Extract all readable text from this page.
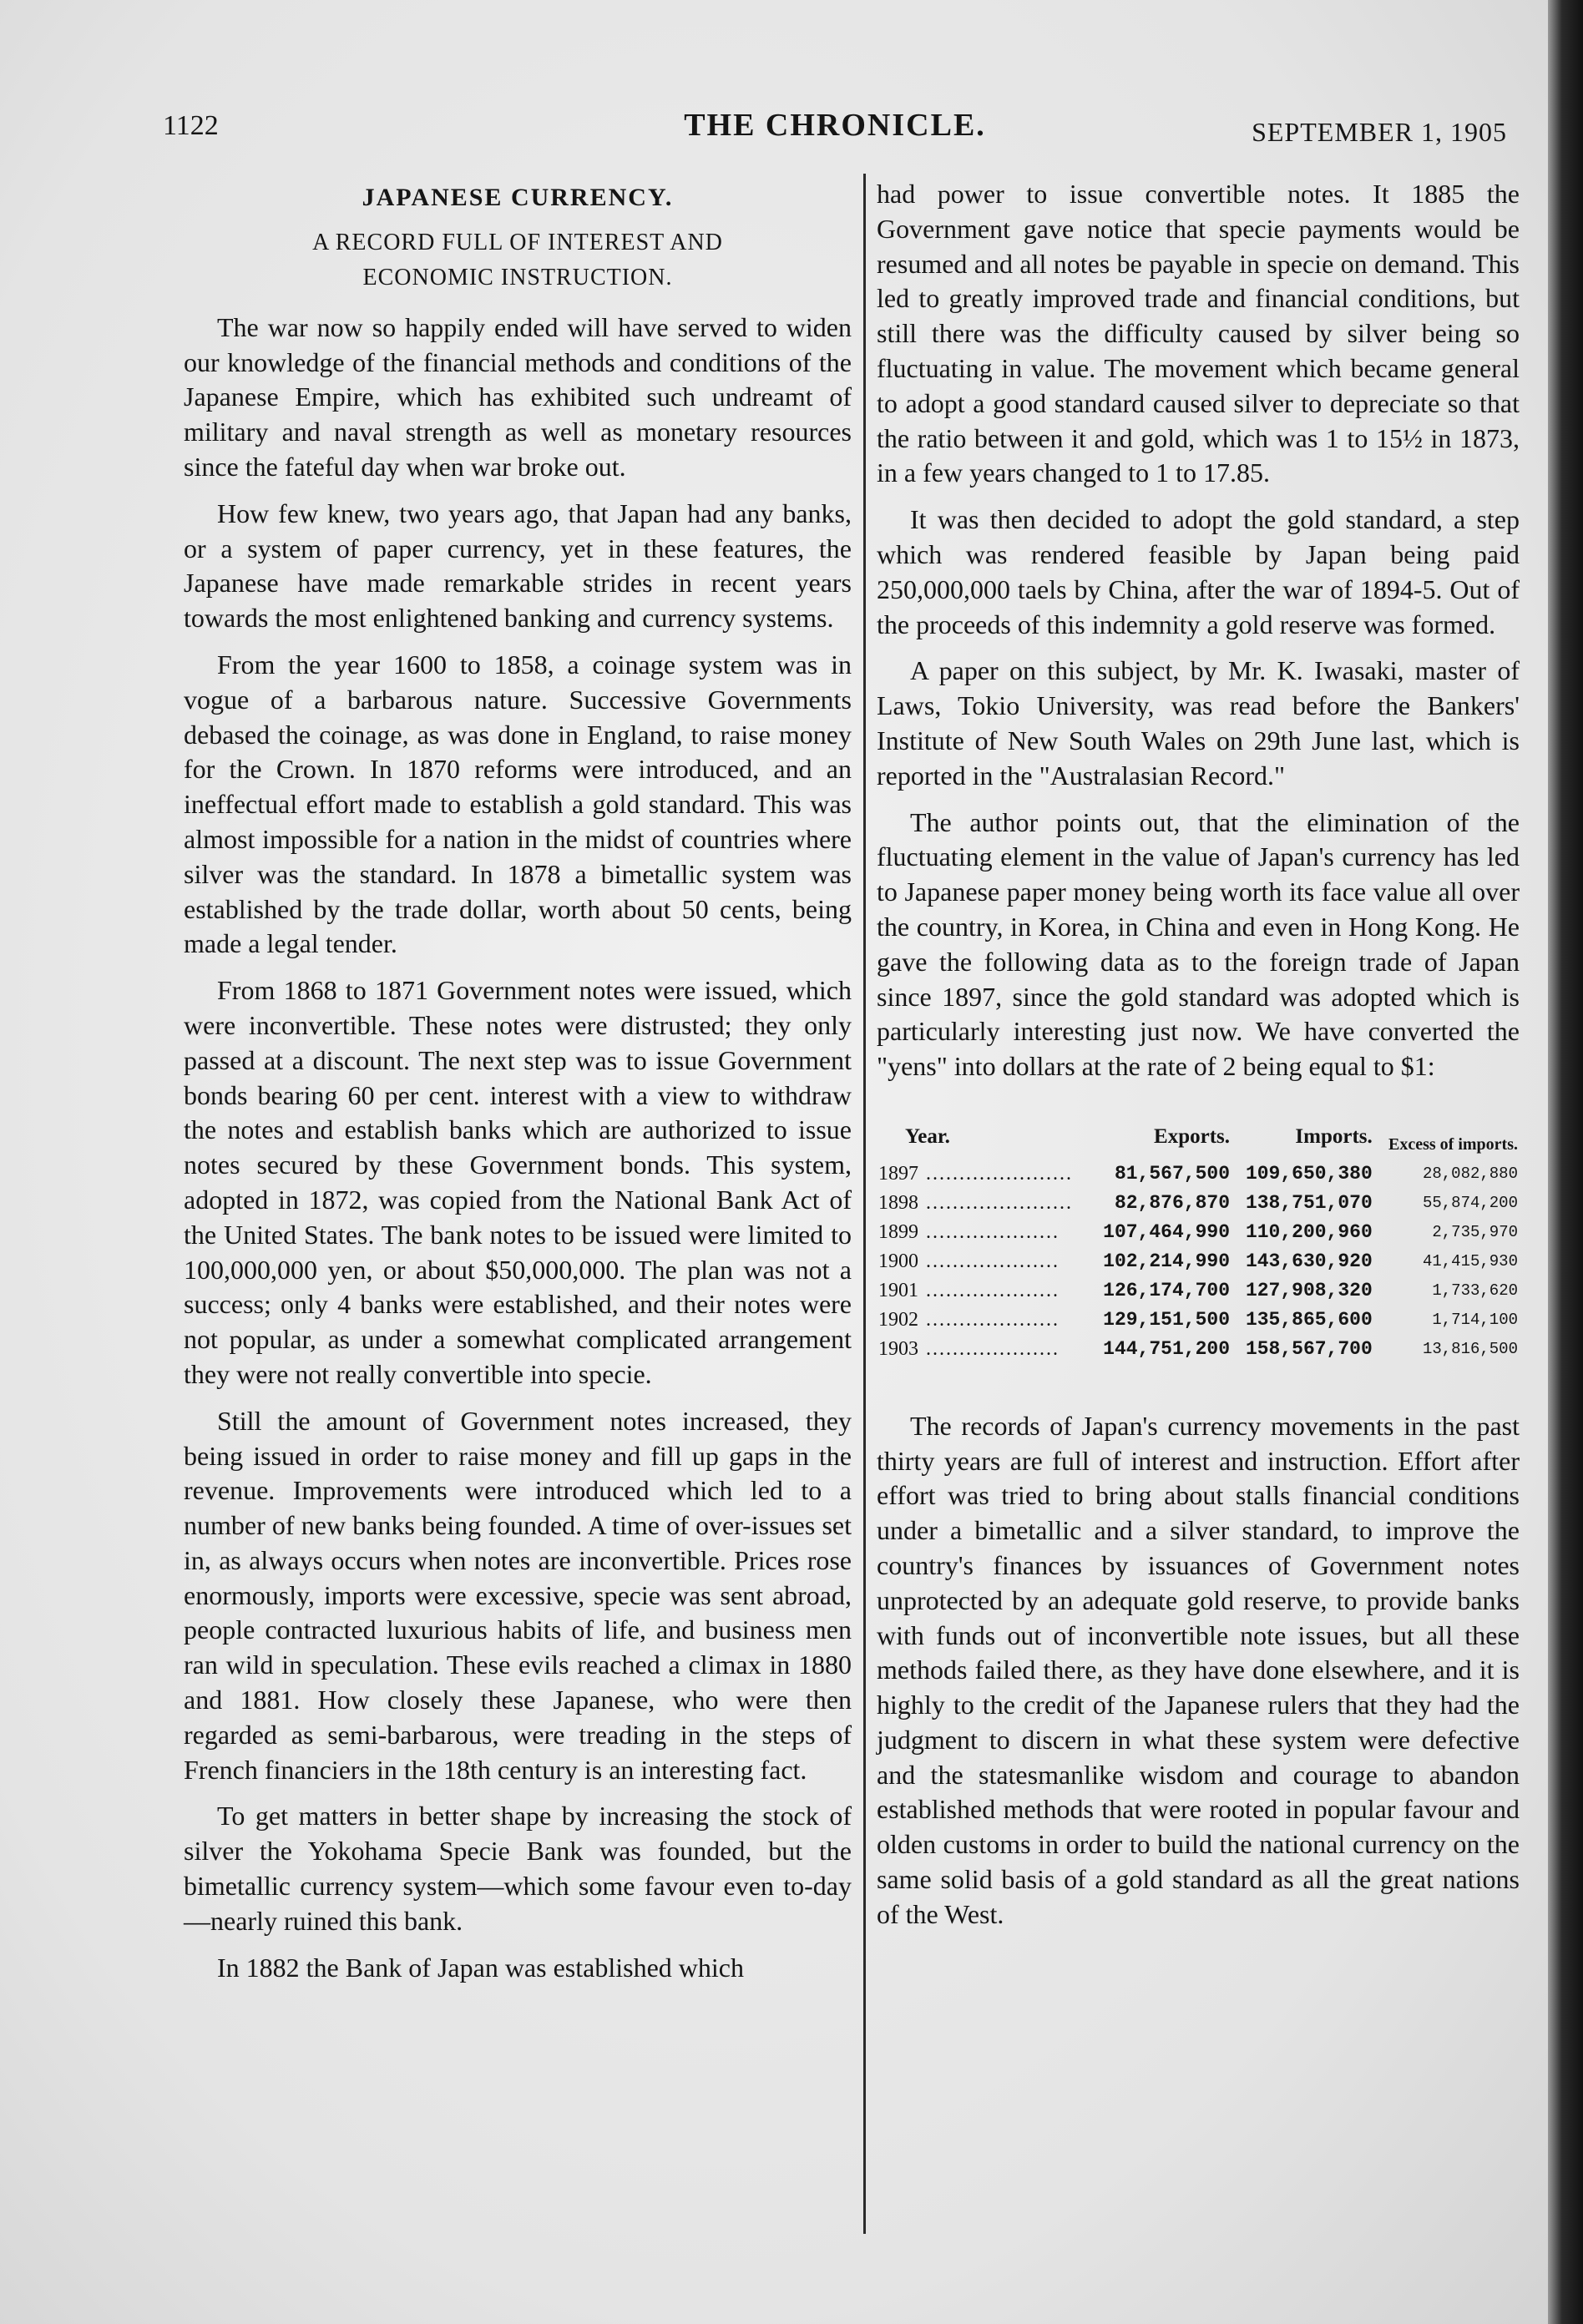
1122	THE CHRONICLE.	SEPTEMBER 1, 1905
JAPANESE CURRENCY.
A RECORD FULL OF INTEREST AND ECONOMIC INSTRUCTION.

The war now so happily ended will have served to widen our knowledge of the financial methods and conditions of the Japanese Empire, which has exhibited such undreamt of military and naval strength as well as monetary resources since the fateful day when war broke out.

How few knew, two years ago, that Japan had any banks, or a system of paper currency, yet in these features, the Japanese have made remarkable strides in recent years towards the most enlightened banking and currency systems.

From the year 1600 to 1858, a coinage system was in vogue of a barbarous nature. Successive Governments debased the coinage, as was done in England, to raise money for the Crown. In 1870 reforms were introduced, and an ineffectual effort made to establish a gold standard. This was almost impossible for a nation in the midst of countries where silver was the standard. In 1878 a bimetallic system was established by the trade dollar, worth about 50 cents, being made a legal tender.

From 1868 to 1871 Government notes were issued, which were inconvertible. These notes were distrusted; they only passed at a discount. The next step was to issue Government bonds bearing 60 per cent. interest with a view to withdraw the notes and establish banks which are authorized to issue notes secured by these Government bonds. This system, adopted in 1872, was copied from the National Bank Act of the United States. The bank notes to be issued were limited to 100,000,000 yen, or about $50,000,000. The plan was not a success; only 4 banks were established, and their notes were not popular, as under a somewhat complicated arrangement they were not really convertible into specie.

Still the amount of Government notes increased, they being issued in order to raise money and fill up gaps in the revenue. Improvements were introduced which led to a number of new banks being founded. A time of over-issues set in, as always occurs when notes are inconvertible. Prices rose enormously, imports were excessive, specie was sent abroad, people contracted luxurious habits of life, and business men ran wild in speculation. These evils reached a climax in 1880 and 1881. How closely these Japanese, who were then regarded as semi-barbarous, were treading in the steps of French financiers in the 18th century is an interesting fact.

To get matters in better shape by increasing the stock of silver the Yokohama Specie Bank was founded, but the bimetallic currency system—which some favour even to-day—nearly ruined this bank.

In 1882 the Bank of Japan was established which

had power to issue convertible notes. It 1885 the Government gave notice that specie payments would be resumed and all notes be payable in specie on demand. This led to greatly improved trade and financial conditions, but still there was the difficulty caused by silver being so fluctuating in value. The movement which became general to adopt a good standard caused silver to depreciate so that the ratio between it and gold, which was 1 to 15½ in 1873, in a few years changed to 1 to 17.85.

It was then decided to adopt the gold standard, a step which was rendered feasible by Japan being paid 250,000,000 taels by China, after the war of 1894-5. Out of the proceeds of this indemnity a gold reserve was formed.

A paper on this subject, by Mr. K. Iwasaki, master of Laws, Tokio University, was read before the Bankers' Institute of New South Wales on 29th June last, which is reported in the "Australasian Record."

The author points out, that the elimination of the fluctuating element in the value of Japan's currency has led to Japanese paper money being worth its face value all over the country, in Korea, in China and even in Hong Kong. He gave the following data as to the foreign trade of Japan since 1897, since the gold standard was adopted which is particularly interesting just now. We have converted the "yens" into dollars at the rate of 2 being equal to $1:

Year.		Exports.	Imports.	Excess of imports.
1897	......................	81,567,500	109,650,380	28,082,880
1898	......................	82,876,870	138,751,070	55,874,200
1899	....................	107,464,990	110,200,960	2,735,970
1900	....................	102,214,990	143,630,920	41,415,930
1901	....................	126,174,700	127,908,320	1,733,620
1902	....................	129,151,500	135,865,600	1,714,100
1903	....................	144,751,200	158,567,700	13,816,500

The records of Japan's currency movements in the past thirty years are full of interest and instruction. Effort after effort was tried to bring about stalls financial conditions under a bimetallic and a silver standard, to improve the country's finances by issuances of Government notes unprotected by an adequate gold reserve, to provide banks with funds out of inconvertible note issues, but all these methods failed there, as they have done elsewhere, and it is highly to the credit of the Japanese rulers that they had the judgment to discern in what these system were defective and the statesmanlike wisdom and courage to abandon established methods that were rooted in popular favour and olden customs in order to build the national currency on the same solid basis of a gold standard as all the great nations of the West.
